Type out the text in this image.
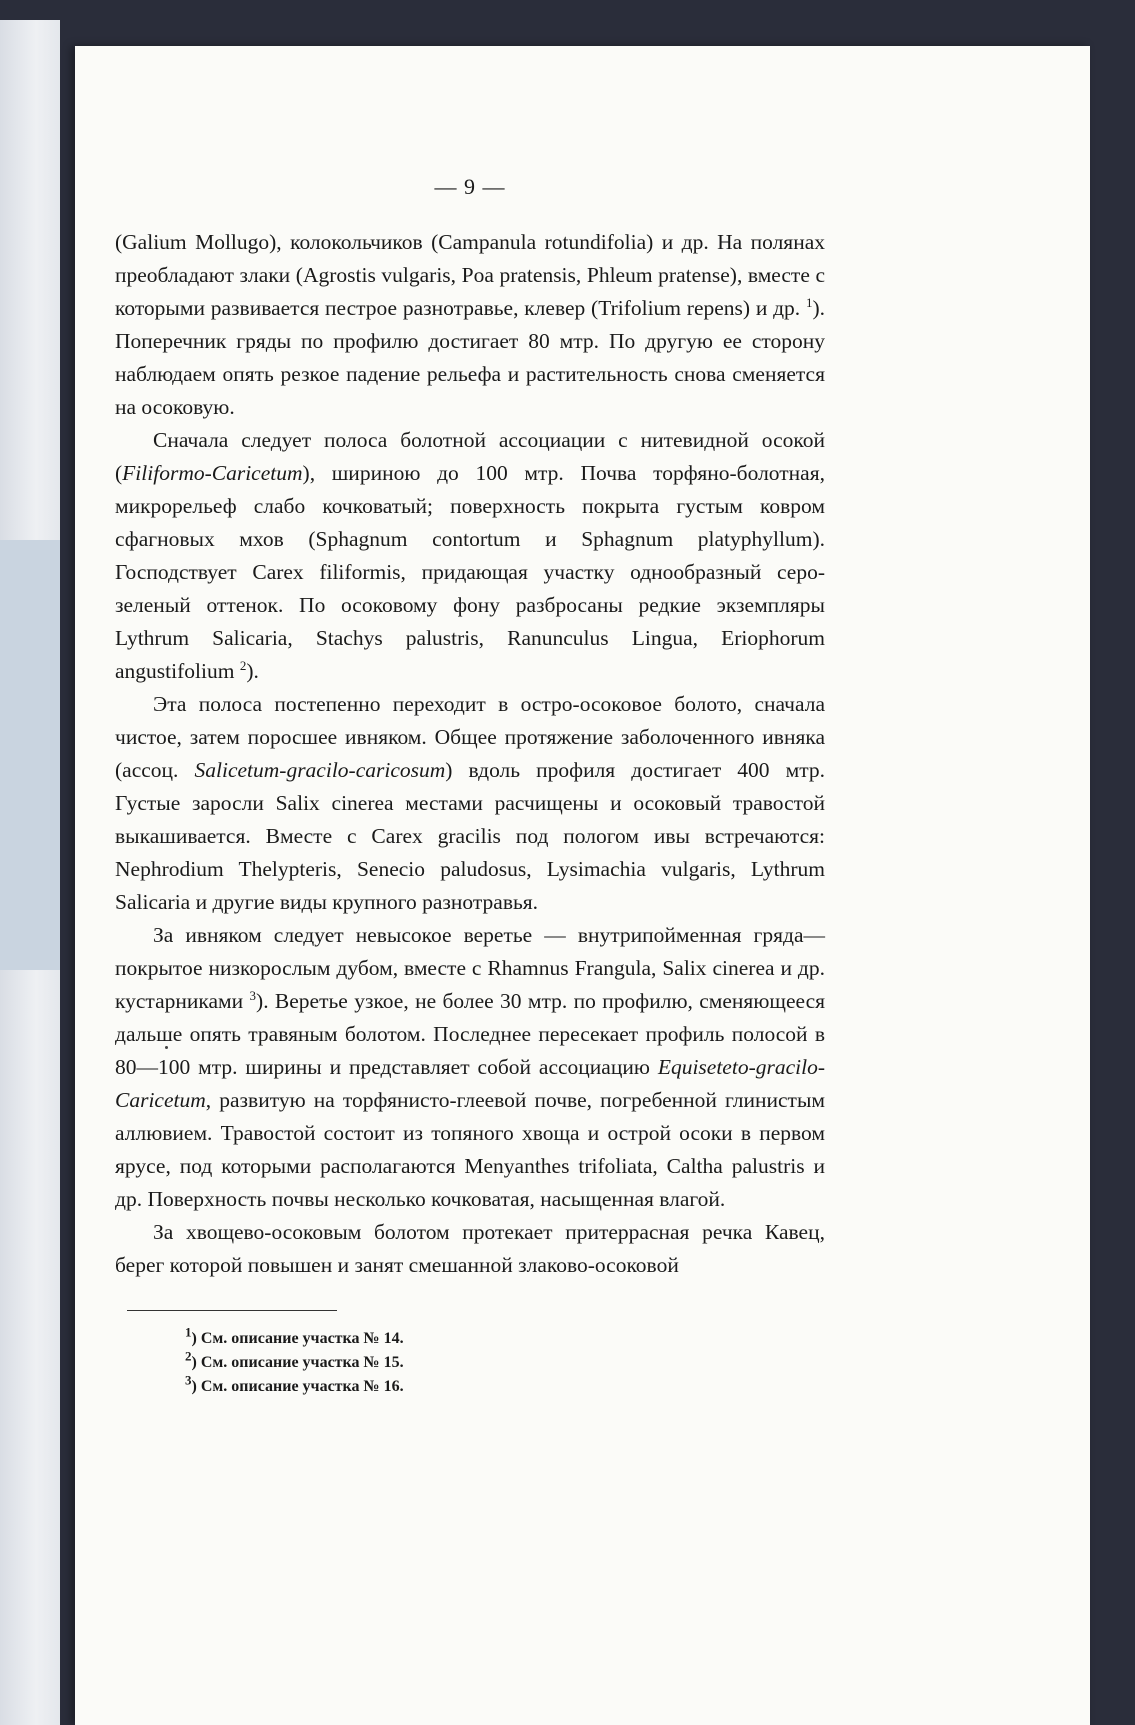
— 9 —

(Galium Mollugo), колокольчиков (Campanula rotundifolia) и др. На полянах преобладают злаки (Agrostis vulgaris, Poa pratensis, Phleum pratense), вместе с которыми развивается пестрое разнотравье, клевер (Trifolium repens) и др. $^1$). Поперечник гряды по профилю достигает 80 мтр. По другую ее сторону наблюдаем опять резкое падение рельефа и растительность снова сменяется на осоковую.

Сначала следует полоса болотной ассоциации с нитевидной осокой (Filiformo-Caricetum), шириною до 100 мтр. Почва торфяно-болотная, микрорельеф слабо кочковатый; поверхность покрыта густым ковром сфагновых мхов (Sphagnum contortum и Sphagnum platyphyllum). Господствует Carex filiformis, придающая участку однообразный серо-зеленый оттенок. По осоковому фону разбросаны редкие экземпляры Lythrum Salicaria, Stachys palustris, Ranunculus Lingua, Eriophorum angustifolium $^2$).

Эта полоса постепенно переходит в остро-осоковое болото, сначала чистое, затем поросшее ивняком. Общее протяжение заболоченного ивняка (ассоц. Salicetum-gracilo-caricosum) вдоль профиля достигает 400 мтр. Густые заросли Salix cinerea местами расчищены и осоковый травостой выкашивается. Вместе с Carex gracilis под пологом ивы встречаются: Nephrodium Thelypteris, Senecio paludosus, Lysimachia vulgaris, Lythrum Salicaria и другие виды крупного разнотравья.

За ивняком следует невысокое веретье — внутрипойменная гряда—покрытое низкорослым дубом, вместе с Rhamnus Frangula, Salix cinerea и др. кустарниками $^3$). Веретье узкое, не более 30 мтр. по профилю, сменяющееся дальше опять травяным болотом. Последнее пересекает профиль полосой в 80—100 мтр. ширины и представляет собой ассоциацию Equiseteto-gracilo-Caricetum, развитую на торфянисто-глеевой почве, погребенной глинистым аллювием. Травостой состоит из топяного хвоща и острой осоки в первом ярусе, под которыми располагаются Menyanthes trifoliata, Caltha palustris и др. Поверхность почвы несколько кочковатая, насыщенная влагой.

За хвощево-осоковым болотом протекает притеррасная речка Кавец, берег которой повышен и занят смешанной злаково-осоковой

$^1$) См. описание участка № 14.

$^2$) См. описание участка № 15.

$^3$) См. описание участка № 16.
